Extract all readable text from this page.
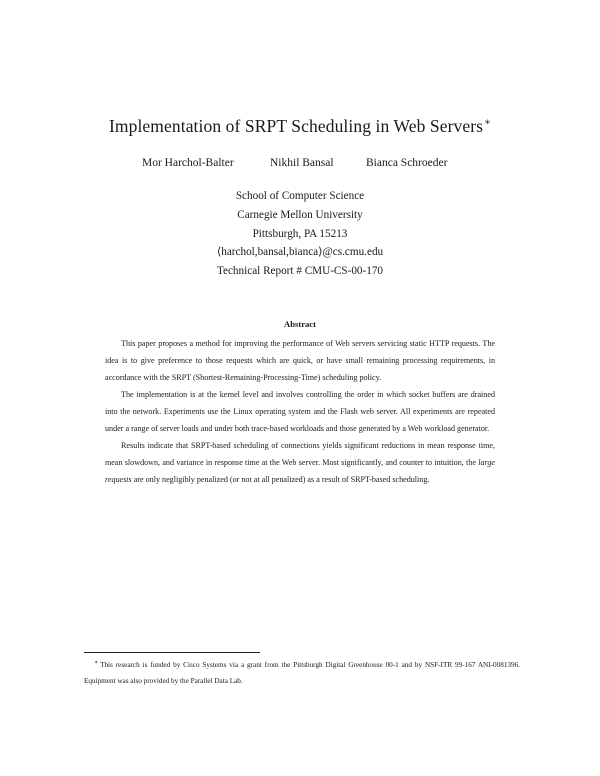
Implementation of SRPT Scheduling in Web Servers∗
Mor Harchol-Balter	Nikhil Bansal	Bianca Schroeder
School of Computer Science
Carnegie Mellon University
Pittsburgh, PA 15213
⟨harchol,bansal,bianca⟩@cs.cmu.edu
Technical Report # CMU-CS-00-170
Abstract

This paper proposes a method for improving the performance of Web servers servicing static HTTP requests. The idea is to give preference to those requests which are quick, or have small remaining processing requirements, in accordance with the SRPT (Shortest-Remaining-Processing-Time) scheduling policy.

The implementation is at the kernel level and involves controlling the order in which socket buffers are drained into the network. Experiments use the Linux operating system and the Flash web server. All experiments are repeated under a range of server loads and under both trace-based workloads and those generated by a Web workload generator.

Results indicate that SRPT-based scheduling of connections yields significant reductions in mean response time, mean slowdown, and variance in response time at the Web server. Most significantly, and counter to intuition, the large requests are only negligibly penalized (or not at all penalized) as a result of SRPT-based scheduling.

∗ This research is funded by Cisco Systems via a grant from the Pittsburgh Digital Greenhouse 00-1 and by NSF-ITR 99-167 ANI-0081396. Equipment was also provided by the Parallel Data Lab.
